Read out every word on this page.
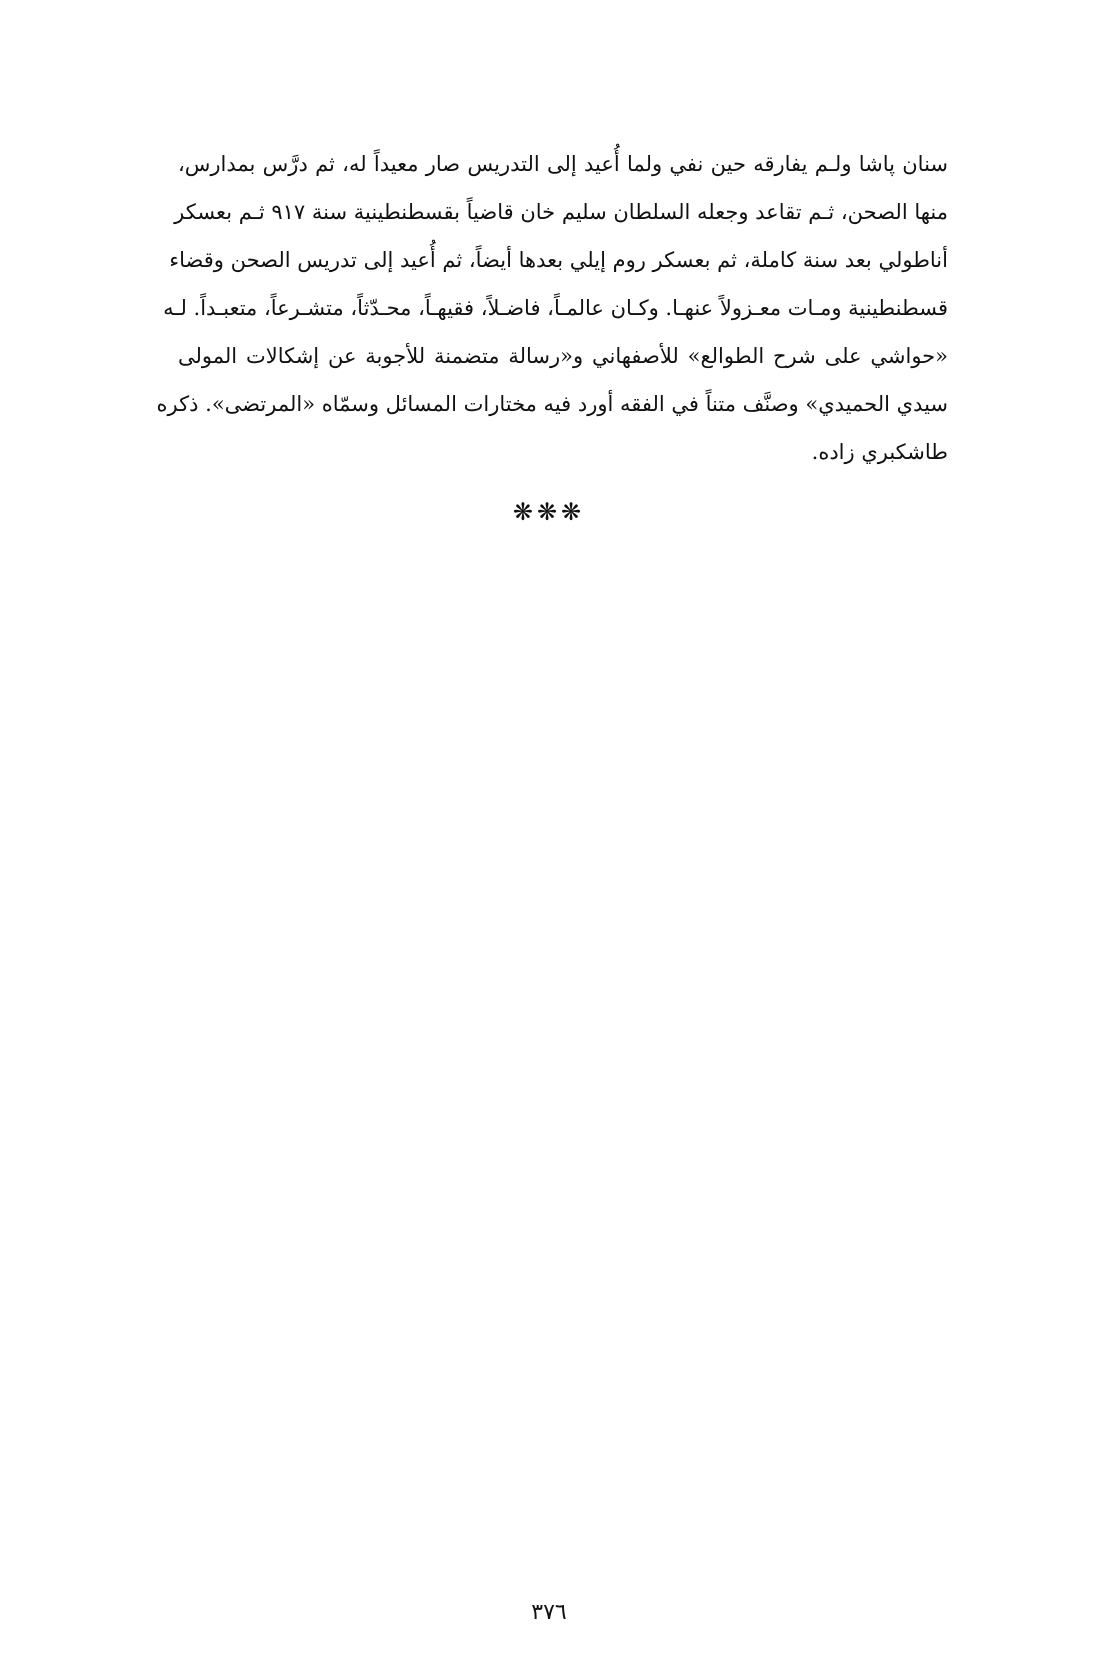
سنان پاشا ولـم يفارقه حين نفي ولما أُعيد إلى التدريس صار معيداً له، ثم درَّس بمدارس،
منها الصحن، ثـم تقاعد وجعله السلطان سليم خان قاضياً بقسطنطينية سنة ٩١٧ ثـم بعسكر
أناطولي بعد سنة كاملة، ثم بعسكر روم إيلي بعدها أيضاً، ثم أُعيد إلى تدريس الصحن وقضاء
قسطنطينية ومـات معـزولاً عنهـا. وكـان عالمـاً، فاضـلاً، فقيهـاً، محـدّثاً، متشـرعاً، متعبـداً. لـه
«حواشي على شرح الطوالع» للأصفهاني و«رسالة متضمنة للأجوبة عن إشكالات المولى
سيدي الحميدي» وصنَّف متناً في الفقه أورد فيه مختارات المسائل وسمّاه «المرتضى». ذكره
طاشكبري زاده.
❋❋❋
٣٧٦
